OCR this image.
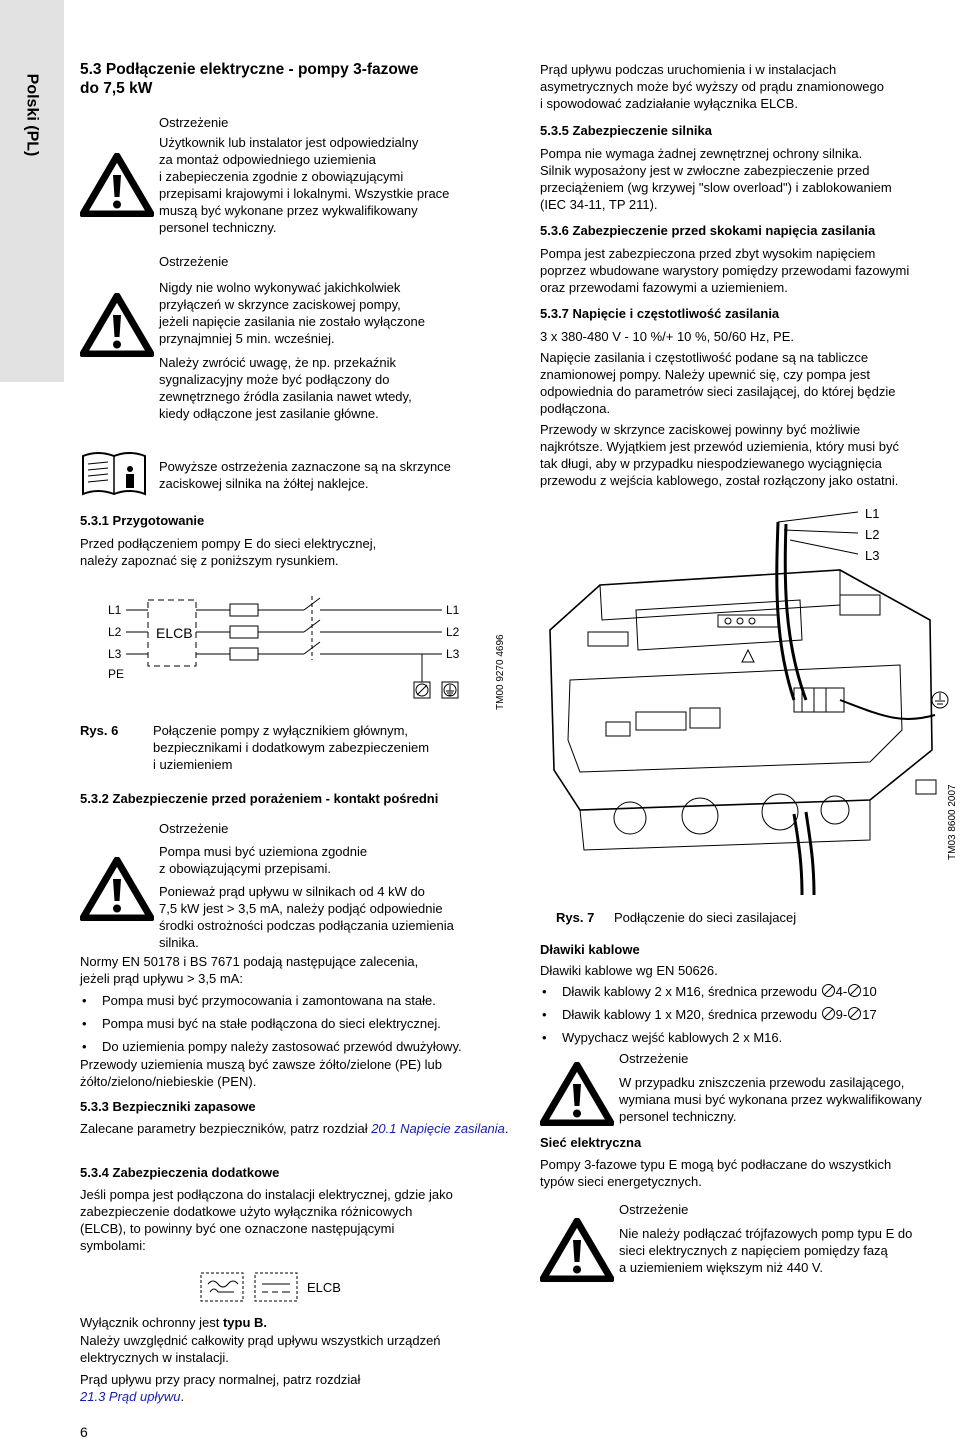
Polski (PL)
5.3 Podłączenie elektryczne - pompy 3-fazowe
do 7,5 kW

Ostrzeżenie

Użytkownik lub instalator jest odpowiedzialny
za montaż odpowiedniego uziemienia
i zabepieczenia zgodnie z obowiązującymi
przepisami krajowymi i lokalnymi. Wszystkie prace
muszą być wykonane przez wykwalifikowany
personel techniczny.

Ostrzeżenie

Nigdy nie wolno wykonywać jakichkolwiek
przyłączeń w skrzynce zaciskowej pompy,
jeżeli napięcie zasilania nie zostało wyłączone
przynajmniej 5 min. wcześniej.

Należy zwrócić uwagę, że np. przekaźnik
sygnalizacyjny może być podłączony do
zewnętrznego źródla zasilania nawet wtedy,
kiedy odłączone jest zasilanie główne.

Powyższe ostrzeżenia zaznaczone są na skrzynce
zaciskowej silnika na żółtej naklejce.
5.3.1 Przygotowanie
Przed podłączeniem pompy E do sieci elektrycznej,
należy zapoznać się z poniższym rysunkiem.
L1
L2
L3
PE
ELCB
L1
L2
L3	TM00 9270 4696
Rys. 6	Połączenie pompy z wyłącznikiem głównym,
bezpiecznikami i dodatkowym zabezpieczeniem
i uziemieniem
5.3.2 Zabezpieczenie przed porażeniem - kontakt pośredni

Ostrzeżenie

Pompa musi być uziemiona zgodnie
z obowiązującymi przepisami.

Ponieważ prąd upływu w silnikach od 4 kW do
7,5 kW jest > 3,5 mA, należy podjąć odpowiednie
środki ostrożności podczas podłączania uziemienia
silnika.

Normy EN 50178 i BS 7671 podają następujące zalecenia,
jeżeli prąd upływu > 3,5 mA:
• Pompa musi być przymocowania i zamontowana na stałe.
• Pompa musi być na stałe podłączona do sieci elektrycznej.
• Do uziemienia pompy należy zastosować przewód dwużyłowy.
Przewody uziemienia muszą być zawsze żółto/zielone (PE) lub
żółto/zielono/niebieskie (PEN).
5.3.3 Bezpieczniki zapasowe
Zalecane parametry bezpieczników, patrz rozdział 20.1 Napięcie zasilania.
5.3.4 Zabezpieczenia dodatkowe
Jeśli pompa jest podłączona do instalacji elektrycznej, gdzie jako
zabezpieczenie dodatkowe użyto wyłącznika różnicowych
(ELCB), to powinny być one oznaczone następującymi
symbolami:
ELCB
Wyłącznik ochronny jest typu B.
Należy uwzględnić całkowity prąd upływu wszystkich urządzeń
elektrycznych w instalacji.
Prąd upływu przy pracy normalnej, patrz rozdział
21.3 Prąd upływu.
6
Prąd upływu podczas uruchomienia i w instalacjach
asymetrycznych może być wyższy od prądu znamionowego
i spowodować zadziałanie wyłącznika ELCB.
5.3.5 Zabezpieczenie silnika
Pompa nie wymaga żadnej zewnętrznej ochrony silnika.
Silnik wyposażony jest w zwłoczne zabezpieczenie przed
przeciążeniem (wg krzywej "slow overload") i zablokowaniem
(IEC 34-11, TP 211).
5.3.6 Zabezpieczenie przed skokami napięcia zasilania
Pompa jest zabezpieczona przed zbyt wysokim napięciem
poprzez wbudowane warystory pomiędzy przewodami fazowymi
oraz przewodami fazowymi a uziemieniem.
5.3.7 Napięcie i częstotliwość zasilania
3 x 380-480 V - 10 %/+ 10 %, 50/60 Hz, PE.
Napięcie zasilania i częstotliwość podane są na tabliczce
znamionowej pompy. Należy upewnić się, czy pompa jest
odpowiednia do parametrów sieci zasilającej, do której będzie
podłączona.
Przewody w skrzynce zaciskowej powinny być możliwie
najkrótsze. Wyjątkiem jest przewód uziemienia, który musi być
tak długi, aby w przypadku niespodziewanego wyciągnięcia
przewodu z wejścia kablowego, został rozłączony jako ostatni.
L1
L2
L3
TM03 8600 2007
Rys. 7 Podłączenie do sieci zasilajacej
Dławiki kablowe
Dławiki kablowe wg EN 50626.
• Dławik kablowy 2 x M16, średnica przewodu 4- 10
• Dławik kablowy 1 x M20, średnica przewodu 9- 17
• Wypychacz wejść kablowych 2 x M16.

Ostrzeżenie

W przypadku zniszczenia przewodu zasilającego,
wymiana musi być wykonana przez wykwalifikowany
personel techniczny.

Sieć elektryczna
Pompy 3-fazowe typu E mogą być podłaczane do wszystkich
typów sieci energetycznych.

Ostrzeżenie

Nie należy podłączać trójfazowych pomp typu E do
sieci elektrycznych z napięciem pomiędzy fazą
a uziemieniem większym niż 440 V.
